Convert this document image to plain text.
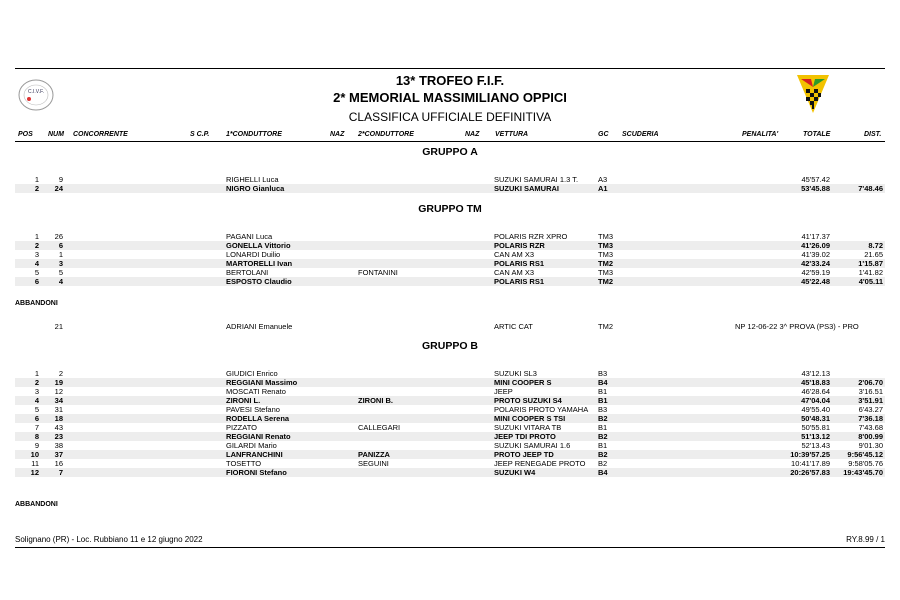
C.I.V.F.
13* TROFEO F.I.F.
2* MEMORIAL MASSIMILIANO OPPICI
CLASSIFICA UFFICIALE DEFINITIVA
POS NUM CONCORRENTE	S C.P. 1*CONDUTTORE	NAZ 2*CONDUTTORE	NAZ VETTURA	GC SCUDERIA	PENALITA'	TOTALE	DIST.
GRUPPO A
1	9	RIGHELLI Luca	SUZUKI SAMURAI 1.3 T.	A3	45'57.42
2	24	NIGRO Gianluca	SUZUKI SAMURAI	A1	53'45.88	7'48.46
GRUPPO TM
1	26	PAGANI Luca	POLARIS RZR XPRO	TM3	41'17.37
2	6	GONELLA Vittorio	POLARIS RZR	TM3	41'26.09	8.72
3	1	LONARDI Duilio	CAN AM X3	TM3	41'39.02	21.65
4	3	MARTORELLI Ivan	POLARIS RS1	TM2	42'33.24	1'15.87
5	5	BERTOLANI	FONTANINI	CAN AM X3	TM3	42'59.19	1'41.82
6	4	ESPOSTO Claudio	POLARIS RS1	TM2	45'22.48	4'05.11
ABBANDONI
21	ADRIANI Emanuele	ARTIC CAT	TM2	NP 12-06-22 3^ PROVA (PS3) - PRO
GRUPPO B
1	2	GIUDICI Enrico	SUZUKI SL3	B3	43'12.13
2	19	REGGIANI Massimo	MINI COOPER S	B4	45'18.83	2'06.70
3	12	MOSCATI Renato	JEEP	B1	46'28.64	3'16.51
4	34	ZIRONI L.	ZIRONI B.	PROTO SUZUKI S4	B1	47'04.04	3'51.91
5	31	PAVESI Stefano	POLARIS PROTO YAMAHA B3	49'55.40	6'43.27
6	18	RODELLA Serena	MINI COOPER S TSI	B2	50'48.31	7'36.18
7	43	PIZZATO	CALLEGARI	SUZUKI VITARA TB	B1	50'55.81	7'43.68
8	23	REGGIANI Renato	JEEP TDI PROTO	B2	51'13.12	8'00.99
9	38	GILARDI Mario	SUZUKI SAMURAI 1.6	B1	52'13.43	9'01.30
10	37	LANFRANCHINI	PANIZZA	PROTO JEEP TD	B2	10:39'57.25	9:56'45.12
11	16	TOSETTO	SEGUINI	JEEP RENEGADE PROTO B2	10:41'17.89	9:58'05.76
12	7	FIORONI Stefano	SUZUKI W4	B4	20:26'57.83	19:43'45.70
ABBANDONI
Solignano (PR) - Loc. Rubbiano 11 e 12 giugno 2022	RY.8.99 / 1
